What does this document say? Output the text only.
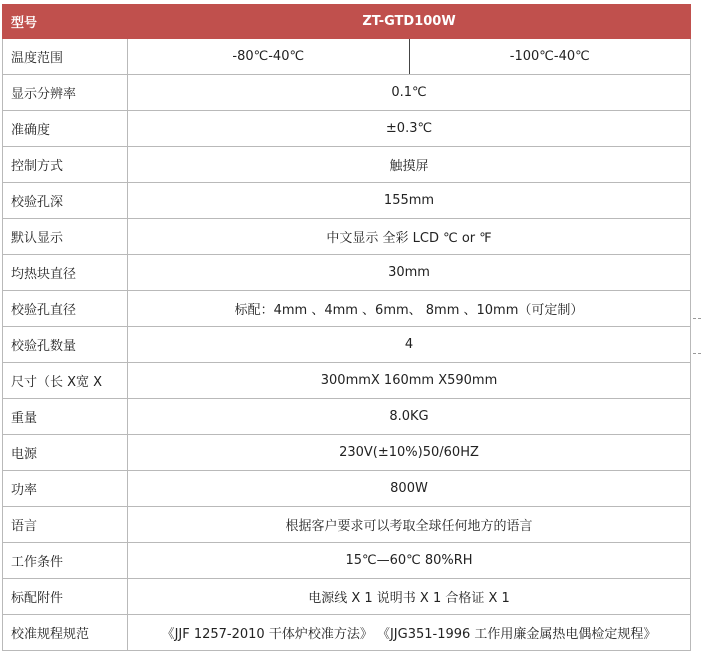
型号	ZT-GTD100W	
温度范围	-80℃-40℃	-100℃-40℃
显示分辨率	0.1℃	
准确度	±0.3℃	
控制方式	触摸屏	
校验孔深	155mm	
默认显示	中文显示 全彩 LCD ℃ or ℉	
均热块直径	30mm	
校验孔直径	标配：4mm 、4mm 、6mm、 8mm 、10mm（可定制）	
校验孔数量	4	
尺寸（长 X宽 X	300mmX 160mm X590mm	
重量	8.0KG	
电源	230V(±10%)50/60HZ	
功率	800W	
语言	根据客户要求可以考取全球任何地方的语言	
工作条件	15℃—60℃ 80%RH	
标配附件	电源线 X 1 说明书 X 1 合格证 X 1	
校准规程规范	《JJF 1257-2010 干体炉校准方法》 《JJG351-1996 工作用廉金属热电偶检定规程》	
